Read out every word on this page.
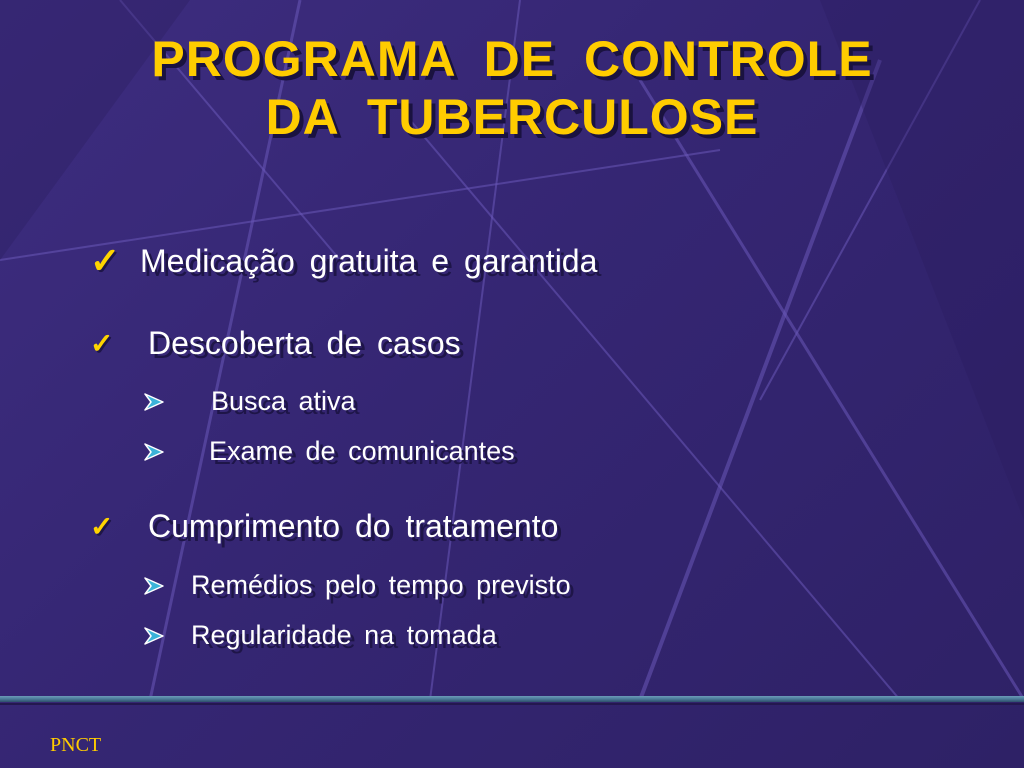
PROGRAMA DE CONTROLE
DA TUBERCULOSE
✓ Medicação gratuita e garantida
✓	Descoberta de casos
Busca ativa
Exame de comunicantes
✓	Cumprimento do tratamento
Remédios pelo tempo previsto
Regularidade na tomada
PNCT
